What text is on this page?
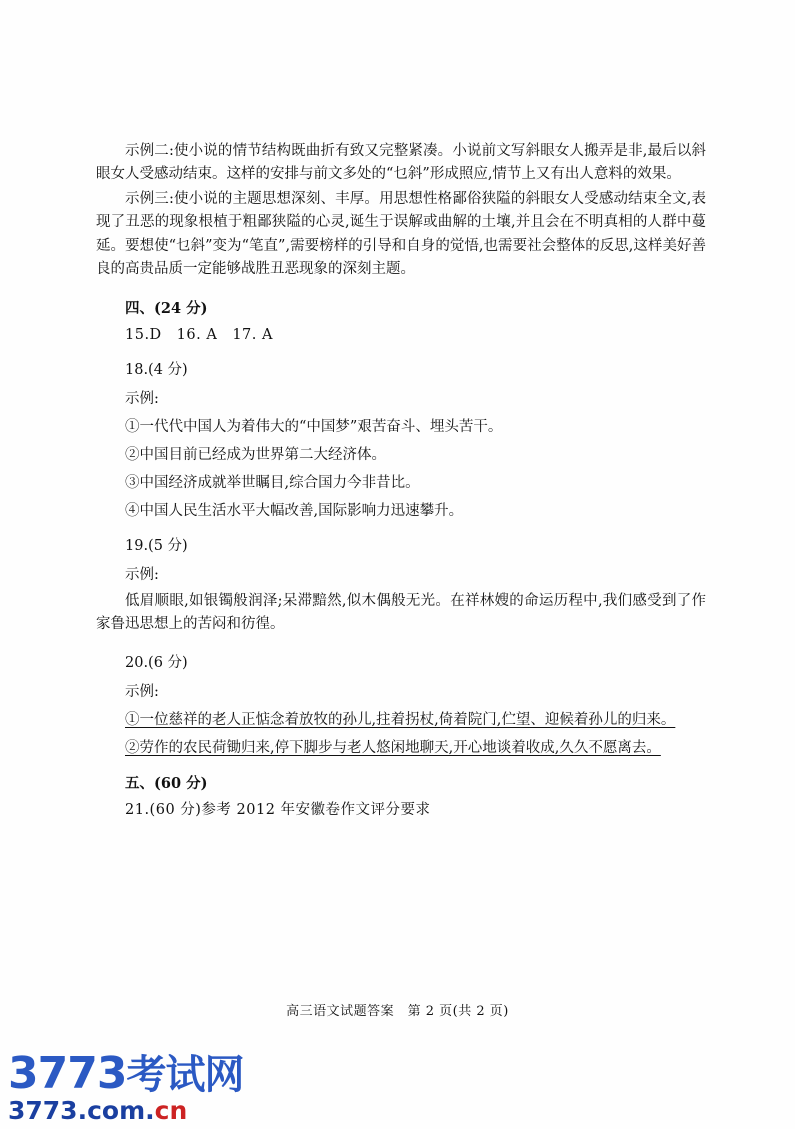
示例二:使小说的情节结构既曲折有致又完整紧凑。小说前文写斜眼女人搬弄是非,最后以斜眼女人受感动结束。这样的安排与前文多处的“乜斜”形成照应,情节上又有出人意料的效果。

示例三:使小说的主题思想深刻、丰厚。用思想性格鄙俗狭隘的斜眼女人受感动结束全文,表现了丑恶的现象根植于粗鄙狭隘的心灵,诞生于误解或曲解的土壤,并且会在不明真相的人群中蔓延。要想使“乜斜”变为“笔直”,需要榜样的引导和自身的觉悟,也需要社会整体的反思,这样美好善良的高贵品质一定能够战胜丑恶现象的深刻主题。

四、(24 分)
15.D　16. A　17. A
18.(4 分)
示例:
①一代代中国人为着伟大的“中国梦”艰苦奋斗、埋头苦干。
②中国目前已经成为世界第二大经济体。
③中国经济成就举世瞩目,综合国力今非昔比。
④中国人民生活水平大幅改善,国际影响力迅速攀升。
19.(5 分)
示例:

低眉顺眼,如银镯般润泽;呆滞黯然,似木偶般无光。在祥林嫂的命运历程中,我们感受到了作家鲁迅思想上的苦闷和彷徨。

20.(6 分)
示例:
①一位慈祥的老人正惦念着放牧的孙儿,拄着拐杖,倚着院门,伫望、迎候着孙儿的归来。
②劳作的农民荷锄归来,停下脚步与老人悠闲地聊天,开心地谈着收成,久久不愿离去。
五、(60 分)
21.(60 分)参考 2012 年安徽卷作文评分要求
高三语文试题答案　第 2 页(共 2 页)
3773考试网
3773.com.cn
